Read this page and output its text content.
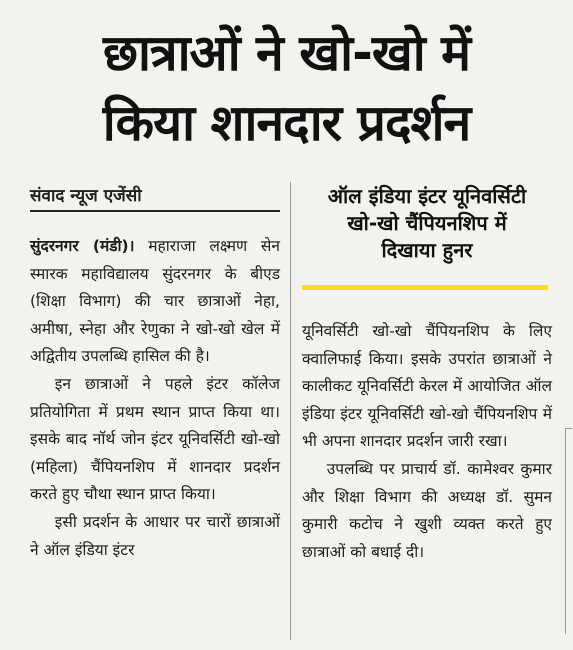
छात्राओं ने खो-खो में
किया शानदार प्रदर्शन
संवाद न्यूज एजेंसी

सुंदरनगर (मंडी)। महाराजा लक्ष्मण सेन स्मारक महाविद्यालय सुंदरनगर के बीएड (शिक्षा विभाग) की चार छात्राओं नेहा, अमीषा, स्नेहा और रेणुका ने खो-खो खेल में अद्वितीय उपलब्धि हासिल की है।

इन छात्राओं ने पहले इंटर कॉलेज प्रतियोगिता में प्रथम स्थान प्राप्त किया था। इसके बाद नॉर्थ जोन इंटर यूनिवर्सिटी खो-खो (महिला) चैंपियनशिप में शानदार प्रदर्शन करते हुए चौथा स्थान प्राप्त किया।

इसी प्रदर्शन के आधार पर चारों छात्राओं ने ऑल इंडिया इंटर

ऑल इंडिया इंटर यूनिवर्सिटी
खो-खो चैंपियनशिप में
दिखाया हुनर

यूनिवर्सिटी खो-खो चैंपियनशिप के लिए क्वालिफाई किया। इसके उपरांत छात्राओं ने कालीकट यूनिवर्सिटी केरल में आयोजित ऑल इंडिया इंटर यूनिवर्सिटी खो-खो चैंपियनशिप में भी अपना शानदार प्रदर्शन जारी रखा।

उपलब्धि पर प्राचार्य डॉ. कामेश्वर कुमार और शिक्षा विभाग की अध्यक्ष डॉ. सुमन कुमारी कटोच ने खुशी व्यक्त करते हुए छात्राओं को बधाई दी।
